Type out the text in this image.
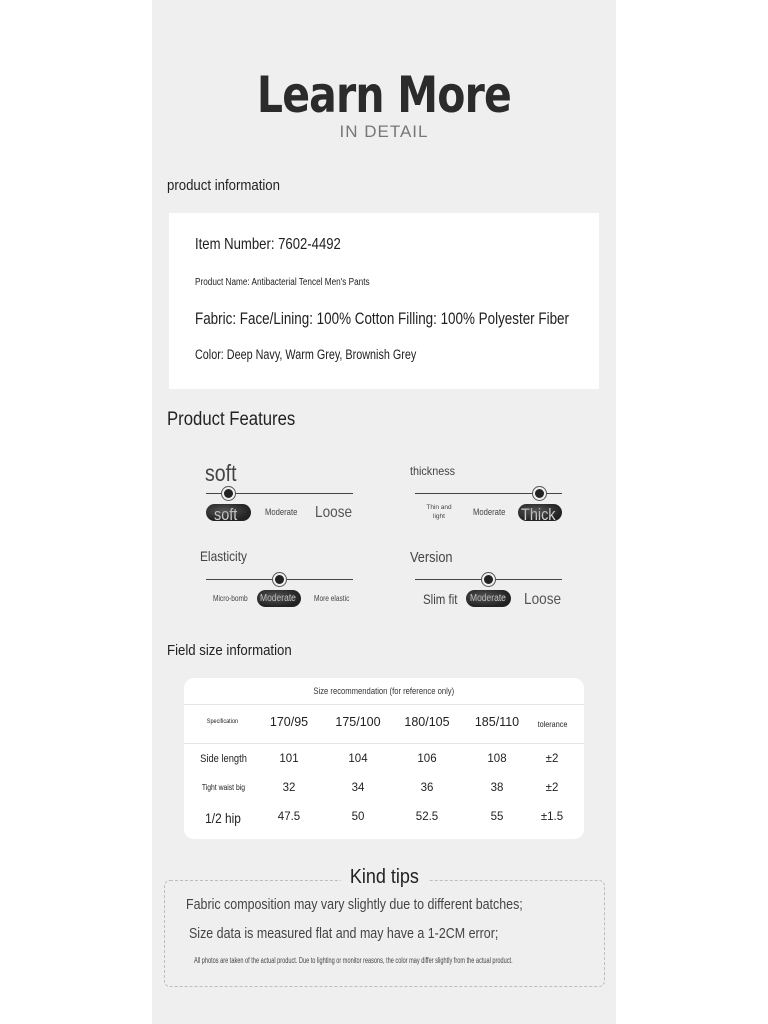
Learn More
IN DETAIL
product information
Item Number: 7602-4492
Product Name: Antibacterial Tencel Men's Pants
Fabric: Face/Lining: 100% Cotton Filling: 100% Polyester Fiber
Color: Deep Navy, Warm Grey, Brownish Grey
Product Features
soft
soft	Moderate	Loose
thickness
Thin and
light	Moderate Thick
Elasticity
Micro-bomb	Moderate	More elastic
Version
Slim fit	Moderate	Loose
Field size information
Size recommendation (for reference only)
Specification	170/95	175/100	180/105	185/110	tolerance
Side length	101	104	106	108	±2
Tight waist big	32	34	36	38	±2
1/2 hip	47.5	50	52.5	55	±1.5
Kind tips
Fabric composition may vary slightly due to different batches;
Size data is measured flat and may have a 1-2CM error;
All photos are taken of the actual product. Due to lighting or monitor reasons, the color may differ slightly from the actual product.
